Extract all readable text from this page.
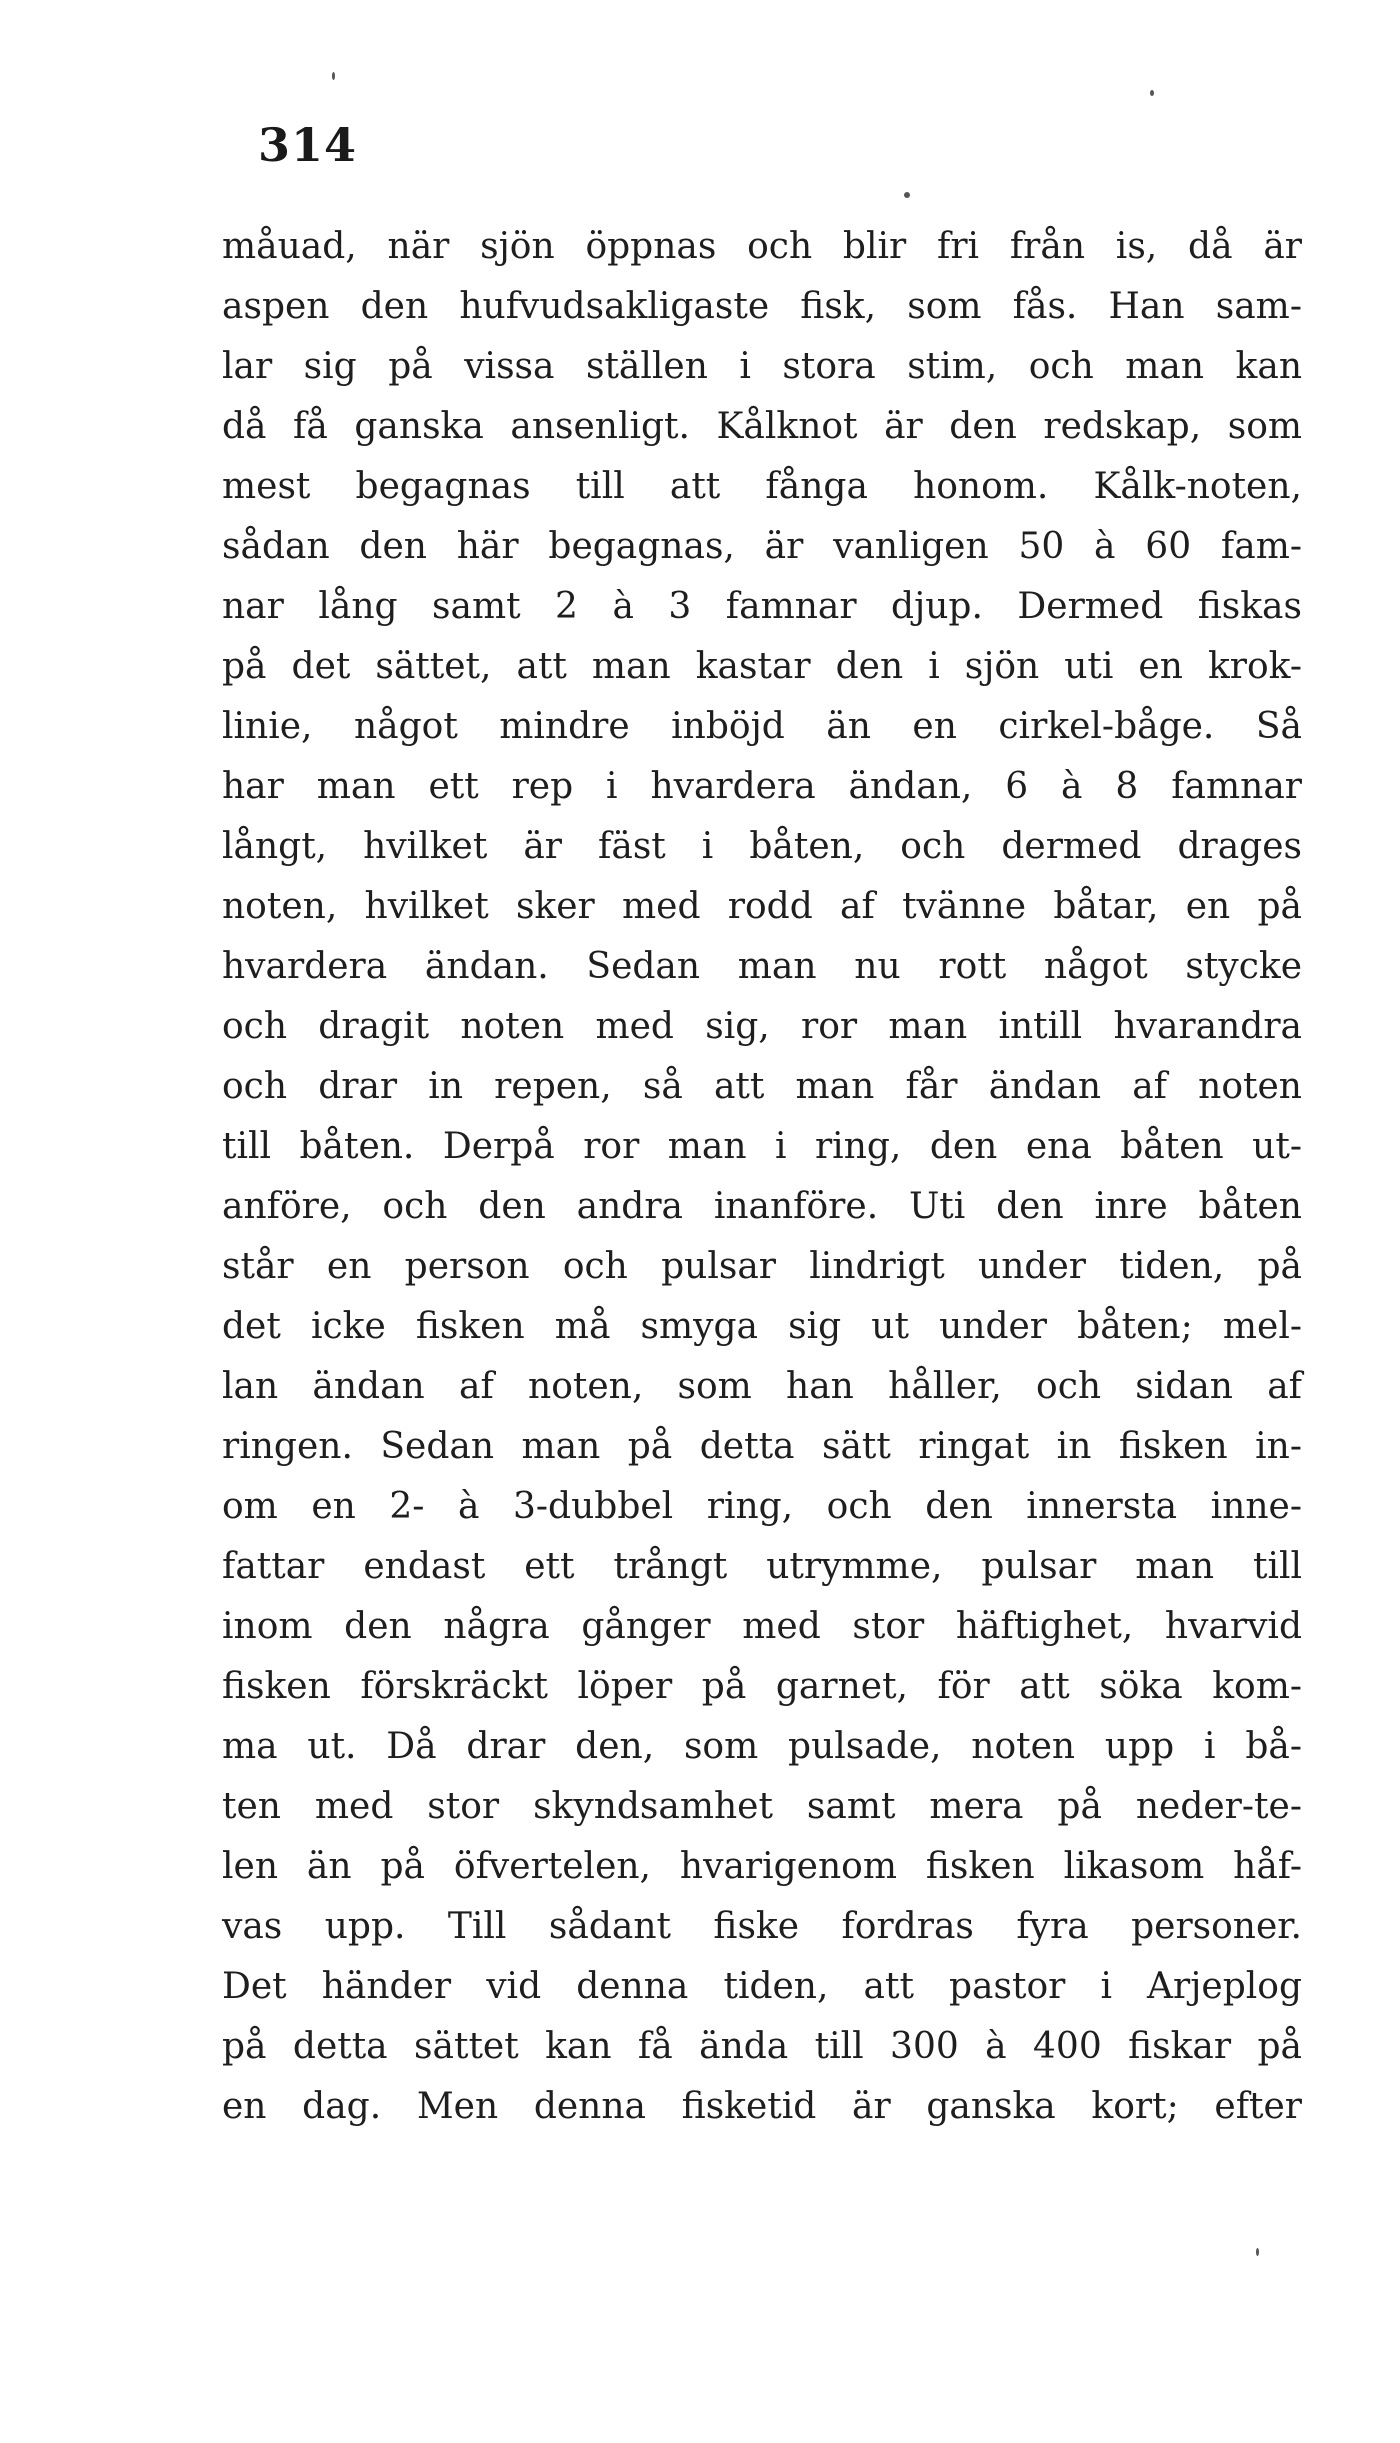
314
måuad, när sjön öppnas och blir fri från is, då är
aspen den hufvudsakligaste fisk, som fås. Han sam-
lar sig på vissa ställen i stora stim, och man kan
då få ganska ansenligt. Kålknot är den redskap, som
mest begagnas till att fånga honom. Kålk-noten,
sådan den här begagnas, är vanligen 50 à 60 fam-
nar lång samt 2 à 3 famnar djup. Dermed fiskas
på det sättet, att man kastar den i sjön uti en krok-
linie, något mindre inböjd än en cirkel-båge. Så
har man ett rep i hvardera ändan, 6 à 8 famnar
långt, hvilket är fäst i båten, och dermed drages
noten, hvilket sker med rodd af tvänne båtar, en på
hvardera ändan. Sedan man nu rott något stycke
och dragit noten med sig, ror man intill hvarandra
och drar in repen, så att man får ändan af noten
till båten. Derpå ror man i ring, den ena båten ut-
anföre, och den andra inanföre. Uti den inre båten
står en person och pulsar lindrigt under tiden, på
det icke fisken må smyga sig ut under båten; mel-
lan ändan af noten, som han håller, och sidan af
ringen. Sedan man på detta sätt ringat in fisken in-
om en 2- à 3-dubbel ring, och den innersta inne-
fattar endast ett trångt utrymme, pulsar man till
inom den några gånger med stor häftighet, hvarvid
fisken förskräckt löper på garnet, för att söka kom-
ma ut. Då drar den, som pulsade, noten upp i bå-
ten med stor skyndsamhet samt mera på neder-te-
len än på öfvertelen, hvarigenom fisken likasom håf-
vas upp. Till sådant fiske fordras fyra personer.
Det händer vid denna tiden, att pastor i Arjeplog
på detta sättet kan få ända till 300 à 400 fiskar på
en dag. Men denna fisketid är ganska kort; efter
